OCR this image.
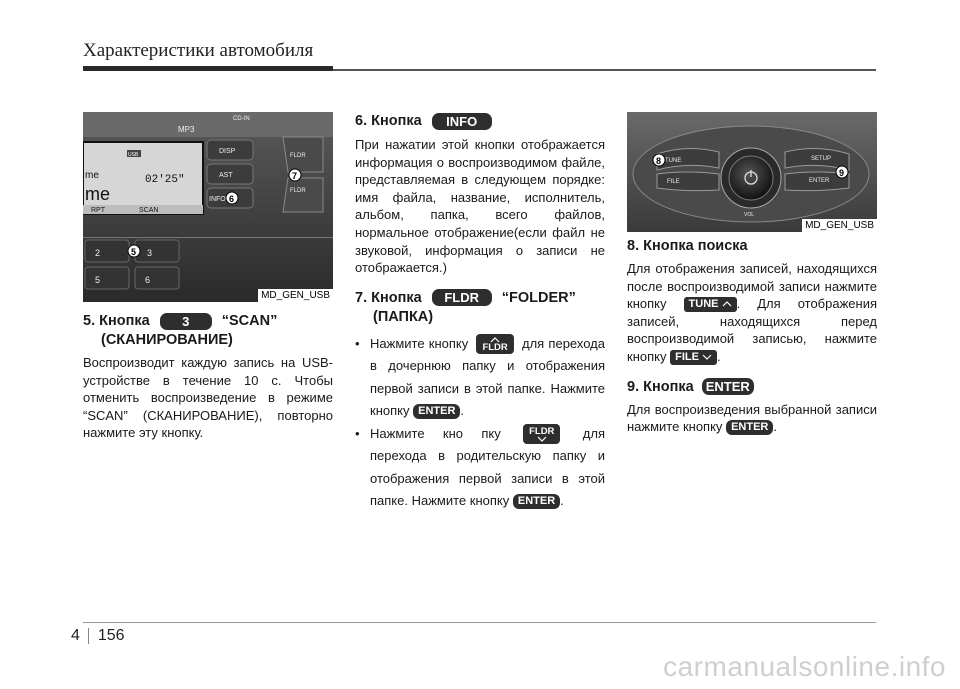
Характеристики автомобиля
MP3
CD-IN
USB
02'25"
me
me
RPT	SCAN
DISP
AST
INFO
FLDR
FLDR
2	3
5	6
5
6
7
MD_GEN_USB
5. Кнопка 3 “SCAN”
(СКАНИРОВАНИЕ)

Воспроизводит каждую запись на USB-устройстве в течение 10 с. Чтобы отменить воспроизведение в режиме “SCAN” (СКАНИРОВАНИЕ), повторно нажмите эту кнопку.

6. Кнопка INFO

При нажатии этой кнопки отображается информация о воспроизводимом файле, представляемая в следующем порядке: имя файла, название, исполнитель, альбом, папка, всего файлов, нормальное отображение(если файл не звуковой, информация о записи не отображается.)

7. Кнопка FLDR “FOLDER”
(ПАПКА)
• Нажмите кнопку FLDR для перехода в дочернюю папку и отображения первой записи в этой папке. Нажмите кнопку ENTER .
• Нажмите кно пку	FLDR для перехода в родительскую папку и отображения первой записи в этой папке. Нажмите кнопку ENTER .
TUNE
FILE
SETUP
ENTER
VOL
8
9
MD_GEN_USB
8. Кнопка поиска

Для отображения записей, находящихся после воспроизводимой записи нажмите кнопку TUNE . Для отображения записей, находящихся перед воспроизводимой записью, нажмите кнопку FILE .

9. Кнопка ENTER

Для воспроизведения выбранной записи нажмите кнопку ENTER .

4 156
carmanualsonline.info
